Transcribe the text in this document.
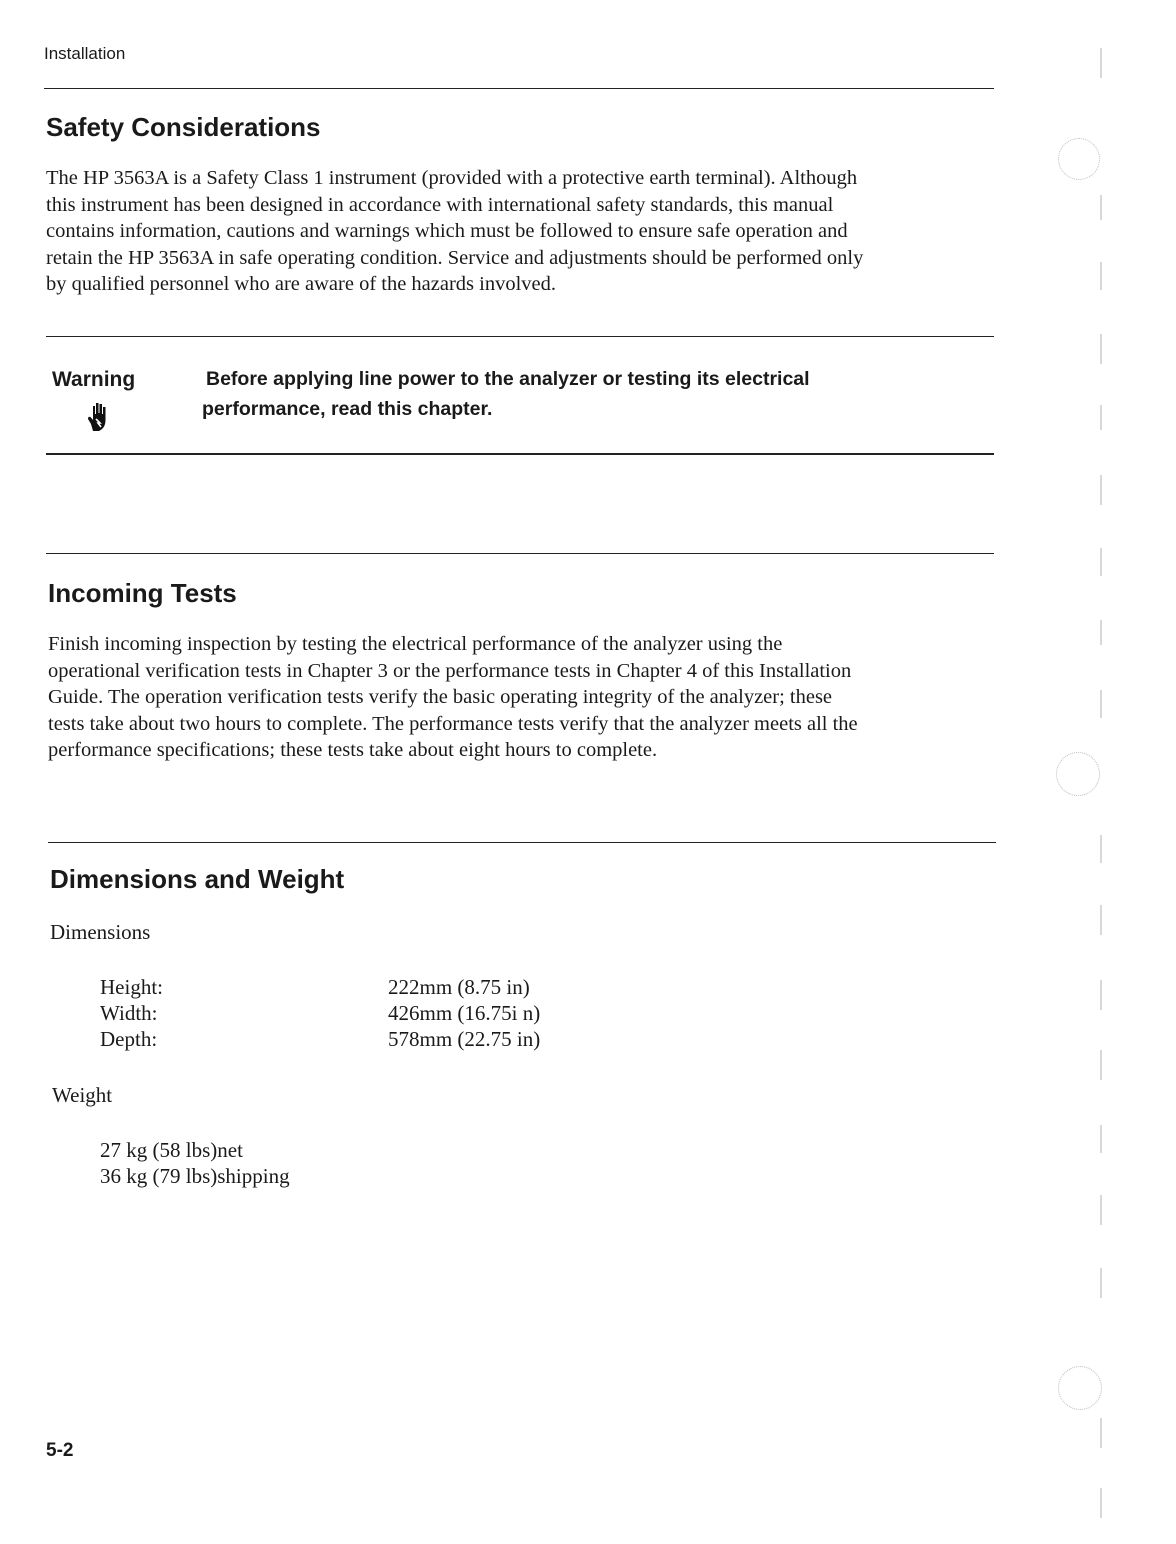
Installation
Safety Considerations
The HP 3563A is a Safety Class 1 instrument (provided with a protective earth terminal). Although
this instrument has been designed in accordance with international safety standards, this manual
contains information, cautions and warnings which must be followed to ensure safe operation and
retain the HP 3563A in safe operating condition. Service and adjustments should be performed only
by qualified personnel who are aware of the hazards involved.
Warning	Before applying line power to the analyzer or testing its electrical
performance, read this chapter.
Incoming Tests
Finish incoming inspection by testing the electrical performance of the analyzer using the
operational verification tests in Chapter 3 or the performance tests in Chapter 4 of this Installation
Guide. The operation verification tests verify the basic operating integrity of the analyzer; these
tests take about two hours to complete. The performance tests verify that the analyzer meets all the
performance specifications; these tests take about eight hours to complete.
Dimensions and Weight
Dimensions
Height:	222mm (8.75 in)
Width:	426mm (16.75i n)
Depth:	578mm (22.75 in)
Weight
27 kg (58 lbs)net
36 kg (79 lbs)shipping
5-2
